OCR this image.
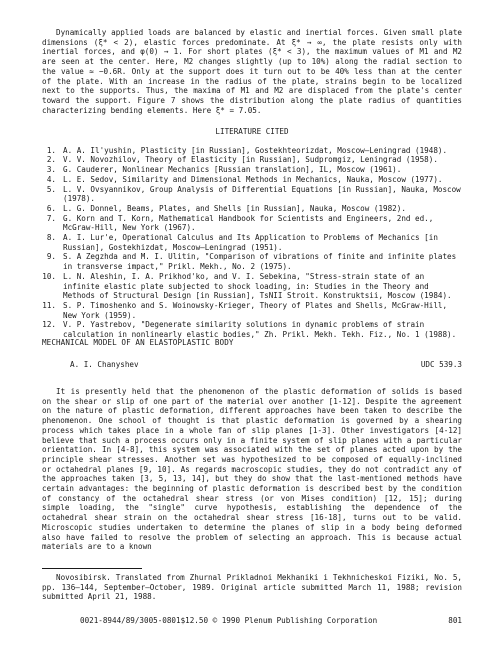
Dynamically applied loads are balanced by elastic and inertial forces. Given small plate dimensions (ξ* < 2), elastic forces predominate. At ξ* → ∞, the plate resists only with inertial forces, and φ(0) → 1. For short plates (ξ* < 3), the maximum values of M1 and M2 are seen at the center. Here, M2 changes slightly (up to 10%) along the radial section to the value ≈ −0.6R. Only at the support does it turn out to be 40% less than at the center of the plate. With an increase in the radius of the plate, strains begin to be localized next to the supports. Thus, the maxima of M1 and M2 are displaced from the plate's center toward the support. Figure 7 shows the distribution along the plate radius of quantities characterizing bending elements. Here ξ* = 7.05.

LITERATURE CITED
1. A. A. Il'yushin, Plasticity [in Russian], Gostekhteorizdat, Moscow–Leningrad (1948).
2. V. V. Novozhilov, Theory of Elasticity [in Russian], Sudpromgiz, Leningrad (1958).
3. G. Cauderer, Nonlinear Mechanics [Russian translation], IL, Moscow (1961).
4. L. E. Sedov, Similarity and Dimensional Methods in Mechanics, Nauka, Moscow (1977).
5. L. V. Ovsyannikov, Group Analysis of Differential Equations [in Russian], Nauka, Moscow (1978).
6. L. G. Donnel, Beams, Plates, and Shells [in Russian], Nauka, Moscow (1982).
7. G. Korn and T. Korn, Mathematical Handbook for Scientists and Engineers, 2nd ed., McGraw-Hill, New York (1967).
8. A. I. Lur'e, Operational Calculus and Its Application to Problems of Mechanics [in Russian], Gostekhizdat, Moscow–Leningrad (1951).
9. S. A Zegzhda and M. I. Ulitin, "Comparison of vibrations of finite and infinite plates in transverse impact," Prikl. Mekh., No. 2 (1975).
10. L. N. Aleshin, I. A. Prikhod'ko, and V. I. Sebekina, "Stress-strain state of an infinite elastic plate subjected to shock loading, in: Studies in the Theory and Methods of Structural Design [in Russian], TsNII Stroit. Konstruktsii, Moscow (1984).
11. S. P. Timoshenko and S. Woinowsky-Krieger, Theory of Plates and Shells, McGraw-Hill, New York (1959).
12. V. P. Yastrebov, "Degenerate similarity solutions in dynamic problems of strain calculation in nonlinearly elastic bodies," Zh. Prikl. Mekh. Tekh. Fiz., No. 1 (1988).
MECHANICAL MODEL OF AN ELASTOPLASTIC BODY
A. I. Chanyshev	UDC 539.3

It is presently held that the phenomenon of the plastic deformation of solids is based on the shear or slip of one part of the material over another [1-12]. Despite the agreement on the nature of plastic deformation, different approaches have been taken to describe the phenomenon. One school of thought is that plastic deformation is governed by a shearing process which takes place in a whole fan of slip planes [1-3]. Other investigators [4-12] believe that such a process occurs only in a finite system of slip planes with a particular orientation. In [4-8], this system was associated with the set of planes acted upon by the principle shear stresses. Another set was hypothesized to be composed of equally-inclined or octahedral planes [9, 10]. As regards macroscopic studies, they do not contradict any of the approaches taken [3, 5, 13, 14], but they do show that the last-mentioned methods have certain advantages: the beginning of plastic deformation is described best by the condition of constancy of the octahedral shear stress (or von Mises condition) [12, 15]; during simple loading, the "single" curve hypothesis, establishing the dependence of the octahedral shear strain on the octahedral shear stress [16-18], turns out to be valid. Microscopic studies undertaken to determine the planes of slip in a body being deformed also have failed to resolve the problem of selecting an approach. This is because actual materials are to a known

Novosibirsk. Translated from Zhurnal Prikladnoi Mekhaniki i Tekhnicheskoi Fiziki, No. 5, pp. 136–144, September–October, 1989. Original article submitted March 11, 1988; revision submitted April 21, 1988.

0021-8944/89/3005-0801$12.50 © 1990 Plenum Publishing Corporation	801
